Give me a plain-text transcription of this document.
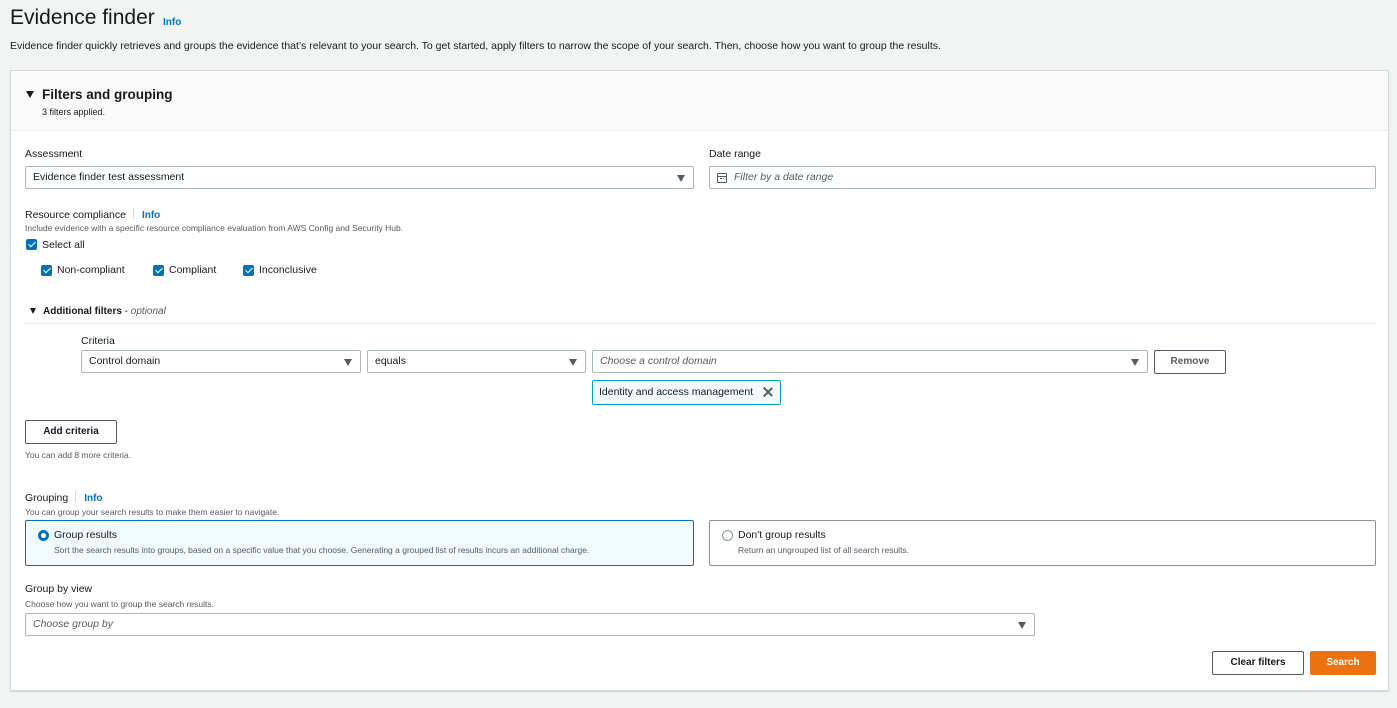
Evidence finder Info
Evidence finder quickly retrieves and groups the evidence that’s relevant to your search. To get started, apply filters to narrow the scope of your search. Then, choose how you want to group the results.
Filters and grouping
3 filters applied.
Assessment
Evidence finder test assessment
Date range
Filter by a date range
Resource compliance Info
Include evidence with a specific resource compliance evaluation from AWS Config and Security Hub.
Select all
Non-compliant	Compliant	Inconclusive
Additional filters - optional
Criteria
Control domain	equals	Choose a control domain	Remove
Identity and access management
Add criteria
You can add 8 more criteria.
Grouping Info
You can group your search results to make them easier to navigate.
Group results
Sort the search results into groups, based on a specific value that you choose. Generating a grouped list of results incurs an additional charge.
Don't group results
Return an ungrouped list of all search results.
Group by view
Choose how you want to group the search results.
Choose group by
Clear filters	Search
